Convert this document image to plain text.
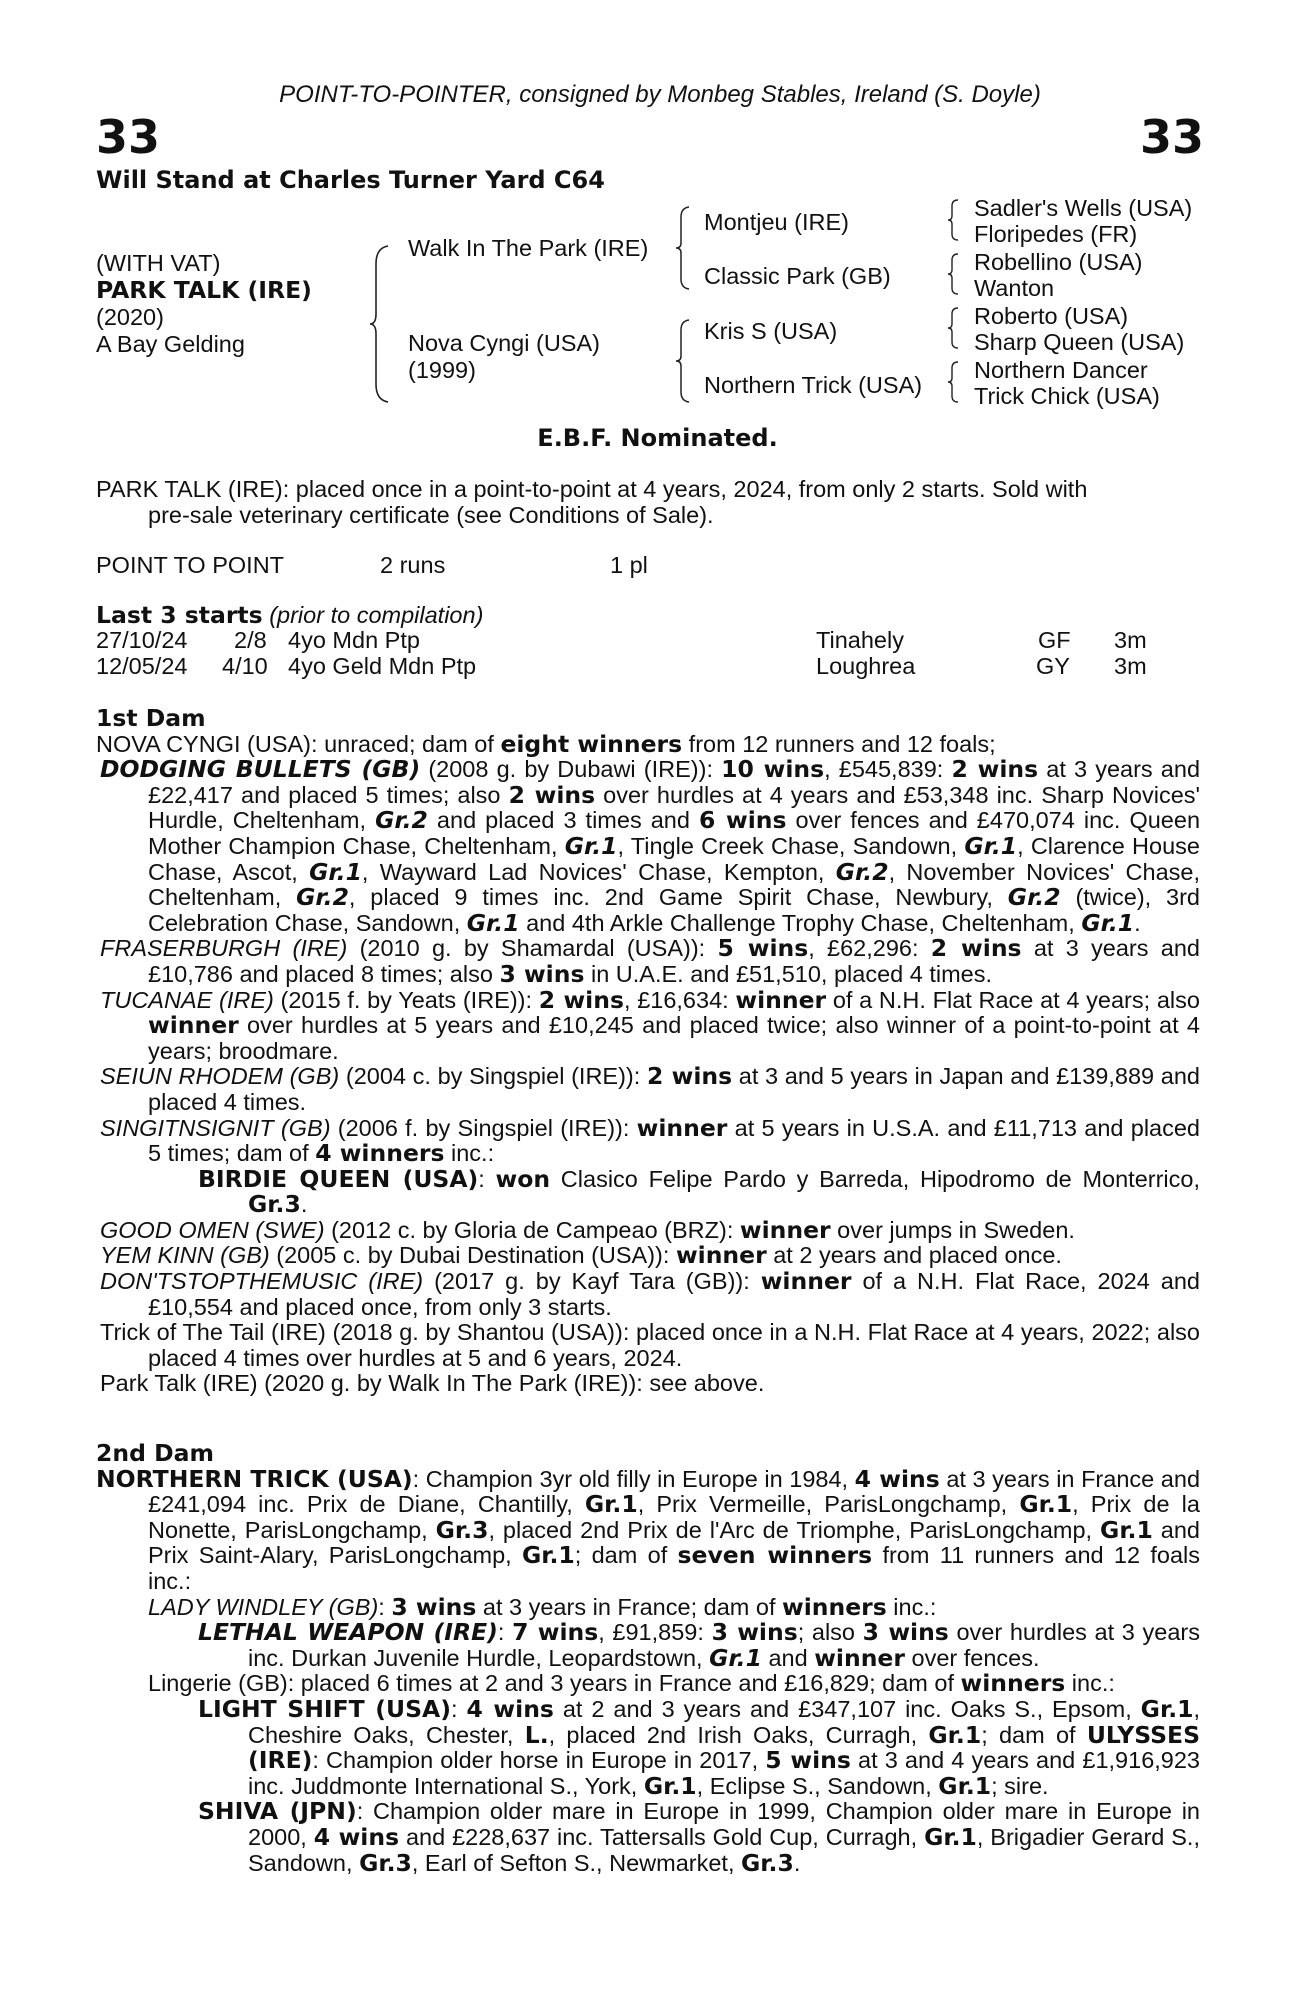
POINT-TO-POINTER, consigned by Monbeg Stables, Ireland (S. Doyle)
33	33
Will Stand at Charles Turner Yard C64
(WITH VAT)
PARK TALK (IRE)
(2020)
A Bay Gelding
Walk In The Park (IRE)
Nova Cyngi (USA)
(1999)
Montjeu (IRE)
Classic Park (GB)
Kris S (USA)
Northern Trick (USA)
Sadler's Wells (USA)
Floripedes (FR)
Robellino (USA)
Wanton
Roberto (USA)
Sharp Queen (USA)
Northern Dancer
Trick Chick (USA)
E.B.F. Nominated.
PARK TALK (IRE): placed once in a point-to-point at 4 years, 2024, from only 2 starts. Sold with
pre-sale veterinary certificate (see Conditions of Sale).
POINT TO POINT	2 runs	1 pl
Last 3 starts (prior to compilation)
27/10/24 2/8 4yo Mdn Ptp	Tinahely	GF 3m
12/05/24 4/10 4yo Geld Mdn Ptp	Loughrea	GY 3m
1st Dam
NOVA CYNGI (USA): unraced; dam of eight winners from 12 runners and 12 foals;

DODGING BULLETS (GB) (2008 g. by Dubawi (IRE)): 10 wins, £545,839: 2 wins at 3 years and £22,417 and placed 5 times; also 2 wins over hurdles at 4 years and £53,348 inc. Sharp Novices' Hurdle, Cheltenham, Gr.2 and placed 3 times and 6 wins over fences and £470,074 inc. Queen Mother Champion Chase, Cheltenham, Gr.1, Tingle Creek Chase, Sandown, Gr.1, Clarence House Chase, Ascot, Gr.1, Wayward Lad Novices' Chase, Kempton, Gr.2, November Novices' Chase, Cheltenham, Gr.2, placed 9 times inc. 2nd Game Spirit Chase, Newbury, Gr.2 (twice), 3rd Celebration Chase, Sandown, Gr.1 and 4th Arkle Challenge Trophy Chase, Cheltenham, Gr.1.

FRASERBURGH (IRE) (2010 g. by Shamardal (USA)): 5 wins, £62,296: 2 wins at 3 years and £10,786 and placed 8 times; also 3 wins in U.A.E. and £51,510, placed 4 times.

TUCANAE (IRE) (2015 f. by Yeats (IRE)): 2 wins, £16,634: winner of a N.H. Flat Race at 4 years; also winner over hurdles at 5 years and £10,245 and placed twice; also winner of a point-to-point at 4 years; broodmare.

SEIUN RHODEM (GB) (2004 c. by Singspiel (IRE)): 2 wins at 3 and 5 years in Japan and £139,889 and placed 4 times.

SINGITNSIGNIT (GB) (2006 f. by Singspiel (IRE)): winner at 5 years in U.S.A. and £11,713 and placed 5 times; dam of 4 winners inc.:

BIRDIE QUEEN (USA): won Clasico Felipe Pardo y Barreda, Hipodromo de Monterrico, Gr.3.

GOOD OMEN (SWE) (2012 c. by Gloria de Campeao (BRZ): winner over jumps in Sweden.

YEM KINN (GB) (2005 c. by Dubai Destination (USA)): winner at 2 years and placed once.

DON'TSTOPTHEMUSIC (IRE) (2017 g. by Kayf Tara (GB)): winner of a N.H. Flat Race, 2024 and £10,554 and placed once, from only 3 starts.

Trick of The Tail (IRE) (2018 g. by Shantou (USA)): placed once in a N.H. Flat Race at 4 years, 2022; also placed 4 times over hurdles at 5 and 6 years, 2024.

Park Talk (IRE) (2020 g. by Walk In The Park (IRE)): see above.

2nd Dam

NORTHERN TRICK (USA): Champion 3yr old filly in Europe in 1984, 4 wins at 3 years in France and £241,094 inc. Prix de Diane, Chantilly, Gr.1, Prix Vermeille, ParisLongchamp, Gr.1, Prix de la Nonette, ParisLongchamp, Gr.3, placed 2nd Prix de l'Arc de Triomphe, ParisLongchamp, Gr.1 and Prix Saint-Alary, ParisLongchamp, Gr.1; dam of seven winners from 11 runners and 12 foals inc.:

LADY WINDLEY (GB): 3 wins at 3 years in France; dam of winners inc.:

LETHAL WEAPON (IRE): 7 wins, £91,859: 3 wins; also 3 wins over hurdles at 3 years inc. Durkan Juvenile Hurdle, Leopardstown, Gr.1 and winner over fences.

Lingerie (GB): placed 6 times at 2 and 3 years in France and £16,829; dam of winners inc.:

LIGHT SHIFT (USA): 4 wins at 2 and 3 years and £347,107 inc. Oaks S., Epsom, Gr.1, Cheshire Oaks, Chester, L., placed 2nd Irish Oaks, Curragh, Gr.1; dam of ULYSSES (IRE): Champion older horse in Europe in 2017, 5 wins at 3 and 4 years and £1,916,923 inc. Juddmonte International S., York, Gr.1, Eclipse S., Sandown, Gr.1; sire.

SHIVA (JPN): Champion older mare in Europe in 1999, Champion older mare in Europe in 2000, 4 wins and £228,637 inc. Tattersalls Gold Cup, Curragh, Gr.1, Brigadier Gerard S., Sandown, Gr.3, Earl of Sefton S., Newmarket, Gr.3.
